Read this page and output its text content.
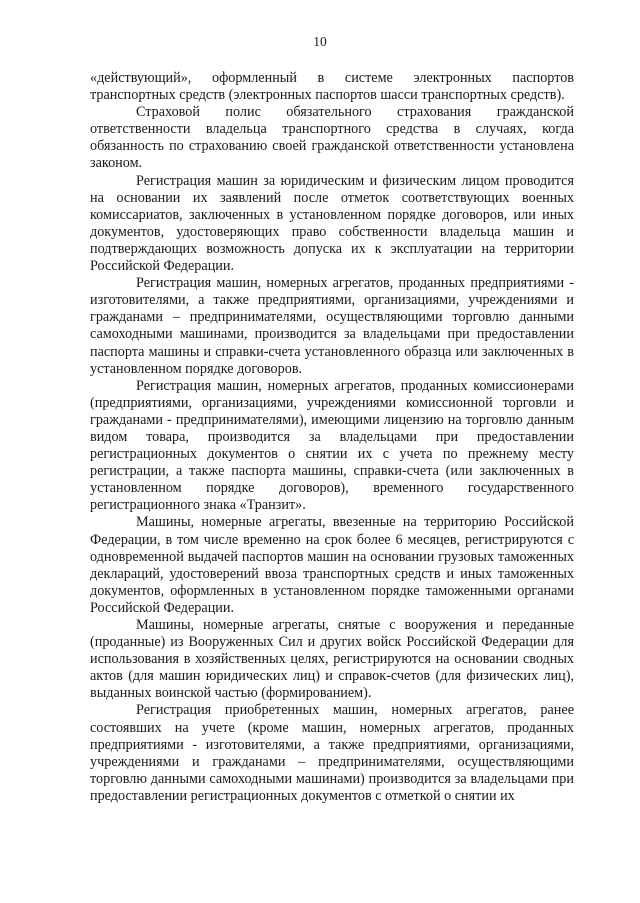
10

«действующий», оформленный в системе электронных паспортов транспортных средств (электронных паспортов шасси транспортных средств).

Страховой полис обязательного страхования гражданской ответственности владельца транспортного средства в случаях, когда обязанность по страхованию своей гражданской ответственности установлена законом.

Регистрация машин за юридическим и физическим лицом проводится на основании их заявлений после отметок соответствующих военных комиссариатов, заключенных в установленном порядке договоров, или иных документов, удостоверяющих право собственности владельца машин и подтверждающих возможность допуска их к эксплуатации на территории Российской Федерации.

Регистрация машин, номерных агрегатов, проданных предприятиями - изготовителями, а также предприятиями, организациями, учреждениями и гражданами – предпринимателями, осуществляющими торговлю данными самоходными машинами, производится за владельцами при предоставлении паспорта машины и справки-счета установленного образца или заключенных в установленном порядке договоров.

Регистрация машин, номерных агрегатов, проданных комиссионерами (предприятиями, организациями, учреждениями комиссионной торговли и гражданами - предпринимателями), имеющими лицензию на торговлю данным видом товара, производится за владельцами при предоставлении регистрационных документов о снятии их с учета по прежнему месту регистрации, а также паспорта машины, справки-счета (или заключенных в установленном порядке договоров), временного государственного регистрационного знака «Транзит».

Машины, номерные агрегаты, ввезенные на территорию Российской Федерации, в том числе временно на срок более 6 месяцев, регистрируются с одновременной выдачей паспортов машин на основании грузовых таможенных деклараций, удостоверений ввоза транспортных средств и иных таможенных документов, оформленных в установленном порядке таможенными органами Российской Федерации.

Машины, номерные агрегаты, снятые с вооружения и переданные (проданные) из Вооруженных Сил и других войск Российской Федерации для использования в хозяйственных целях, регистрируются на основании сводных актов (для машин юридических лиц) и справок-счетов (для физических лиц), выданных воинской частью (формированием).

Регистрация приобретенных машин, номерных агрегатов, ранее состоявших на учете (кроме машин, номерных агрегатов, проданных предприятиями - изготовителями, а также предприятиями, организациями, учреждениями и гражданами – предпринимателями, осуществляющими торговлю данными самоходными машинами) производится за владельцами при предоставлении регистрационных документов с отметкой о снятии их
